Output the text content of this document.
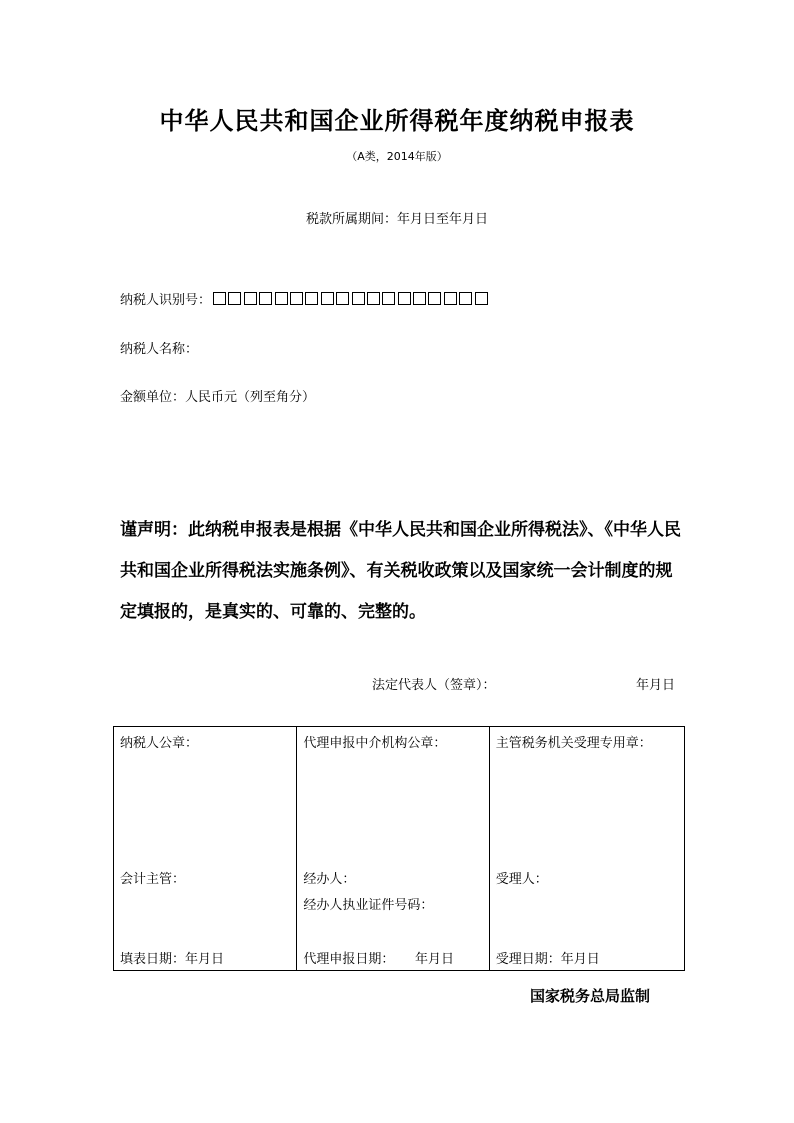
中华人民共和国企业所得税年度纳税申报表
（A类，2014年版）
税款所属期间：年月日至年月日
纳税人识别号：
纳税人名称：
金额单位：人民币元（列至角分）
谨声明：此纳税申报表是根据《中华人民共和国企业所得税法》、《中华人民共和国企业所得税法实施条例》、有关税收政策以及国家统一会计制度的规定填报的，是真实的、可靠的、完整的。
法定代表人（签章）：	年月日
纳税人公章：
会计主管：
填表日期：年月日
代理申报中介机构公章：
经办人：
经办人执业证件号码：
代理申报日期：     年月日
主管税务机关受理专用章：
受理人：
受理日期：年月日
国家税务总局监制
